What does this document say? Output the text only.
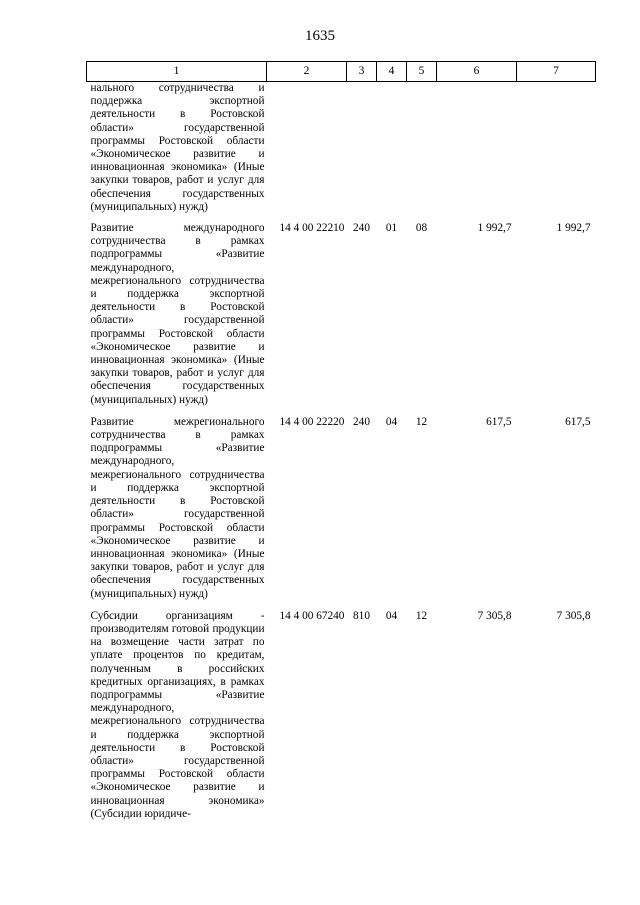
1635
1	2	3	4	5	6	7
нального сотрудничества и поддержка экспортной деятельности в Ростовской области» государственной программы Ростовской области «Экономическое развитие и инновационная экономика» (Иные закупки товаров, работ и услуг для обеспечения государственных (муниципальных) нужд)						
Развитие международного сотрудничества в рамках подпрограммы «Развитие международного, межрегионального сотрудничества и поддержка экспортной деятельности в Ростовской области» государственной программы Ростовской области «Экономическое развитие и инновационная экономика» (Иные закупки товаров, работ и услуг для обеспечения государственных (муниципальных) нужд)	14 4 00 22210	240	01	08	1 992,7	1 992,7
Развитие межрегионального сотрудничества в рамках подпрограммы «Развитие международного, межрегионального сотрудничества и поддержка экспортной деятельности в Ростовской области» государственной программы Ростовской области «Экономическое развитие и инновационная экономика» (Иные закупки товаров, работ и услуг для обеспечения государственных (муниципальных) нужд)	14 4 00 22220	240	04	12	617,5	617,5
Субсидии организациям - производителям готовой продукции на возмещение части затрат по уплате процентов по кредитам, полученным в российских кредитных организациях, в рамках подпрограммы «Развитие международного, межрегионального сотрудничества и поддержка экспортной деятельности в Ростовской области» государственной программы Ростовской области «Экономическое развитие и инновационная экономика» (Субсидии юридиче-	14 4 00 67240	810	04	12	7 305,8	7 305,8
